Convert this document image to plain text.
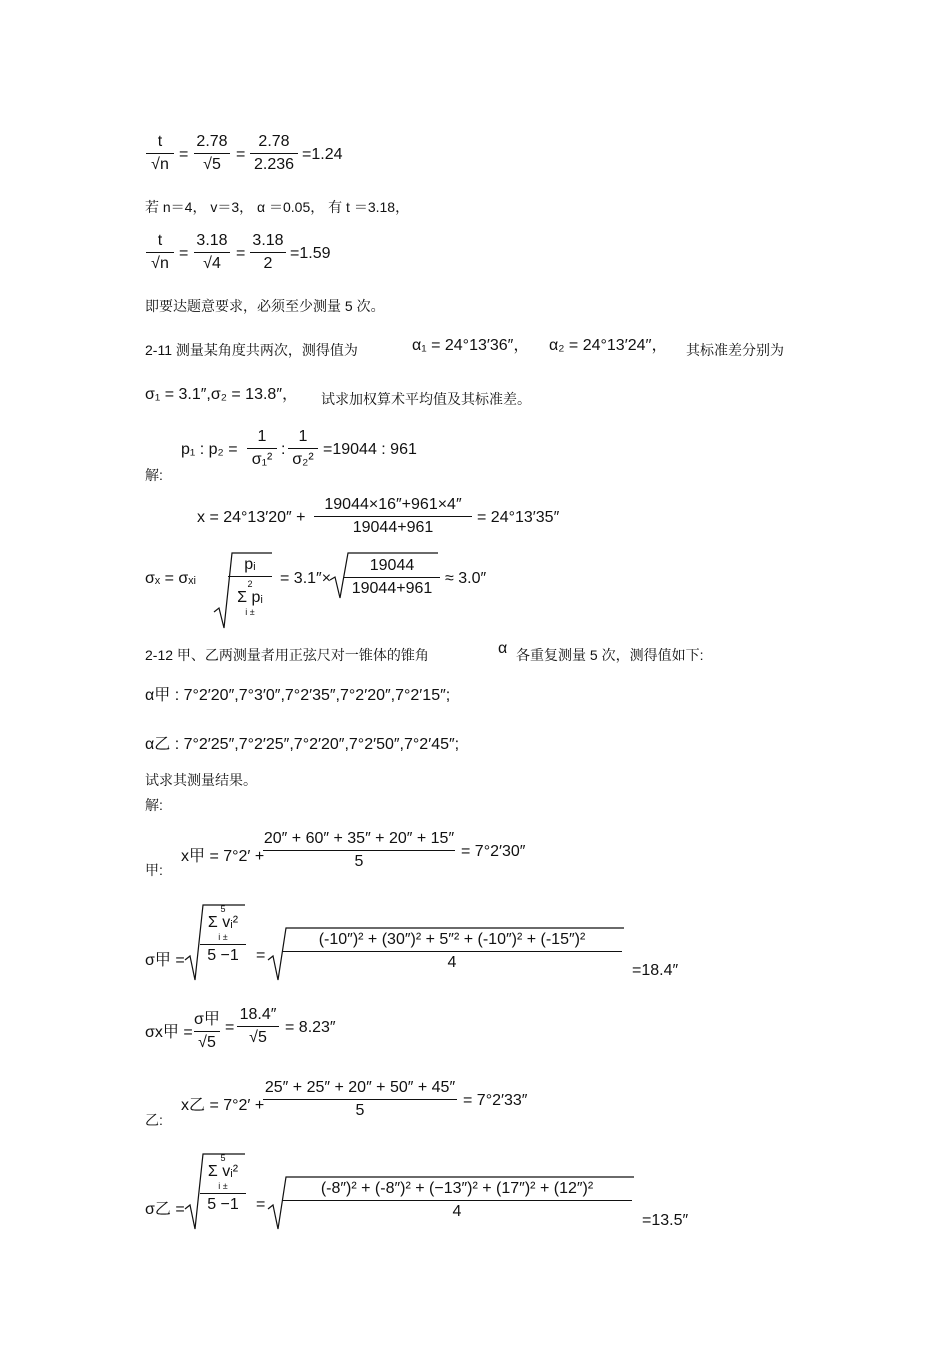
t
√n
=
2.78
√5
=
2.78
2.236
=1.24
若 n＝4， v＝3， α ＝0.05， 有 t ＝3.18，
t
√n
=
3.18
√4
=
3.18
2
=1.59
即要达题意要求，必须至少测量 5 次。
2-11 测量某角度共两次，测得值为	α₁ = 24°13′36″， α₂ = 24°13′24′′， 其标准差分别为
σ₁ = 3.1″,σ₂ = 13.8″， 试求加权算术平均值及其标准差。
p₁ : p₂ =
1
σ₁²
:
1
σ₂²
=19044 : 961
解:
x = 24°13′20″ +
19044×16″+961×4″
19044+961
= 24°13′35″
σₓ = σₓᵢ
pᵢ
2
Σ pᵢ
i ±
= 3.1″×
19044
19044+961
≈ 3.0″
2-12 甲、乙两测量者用正弦尺对一锥体的锥角	α 各重复测量 5 次，测得值如下:
α甲 : 7°2′20″,7°3′0″,7°2′35″,7°2′20″,7°2′15″;
α乙 : 7°2′25″,7°2′25″,7°2′20″,7°2′50″,7°2′45″;
试求其测量结果。
解:
x甲 = 7°2′ +
20″ + 60″ + 35″ + 20″ + 15″
5
= 7°2′30″
甲:
σ甲 =
5
Σ vᵢ²
i ±
5 −1 =
(-10″)² + (30″)² + 5″² + (-10″)² + (-15″)²
4	=18.4″
σx甲 =
σ甲
√5
=
18.4″
√5
= 8.23″
x乙 = 7°2′ +
25″ + 25″ + 20″ + 50″ + 45″
5
= 7°2′33″
乙:
σ乙 =
5
Σ vᵢ²
i ±
5 −1 =
(-8″)² + (-8″)² + (−13″)² + (17″)² + (12″)²
4
=13.5″
